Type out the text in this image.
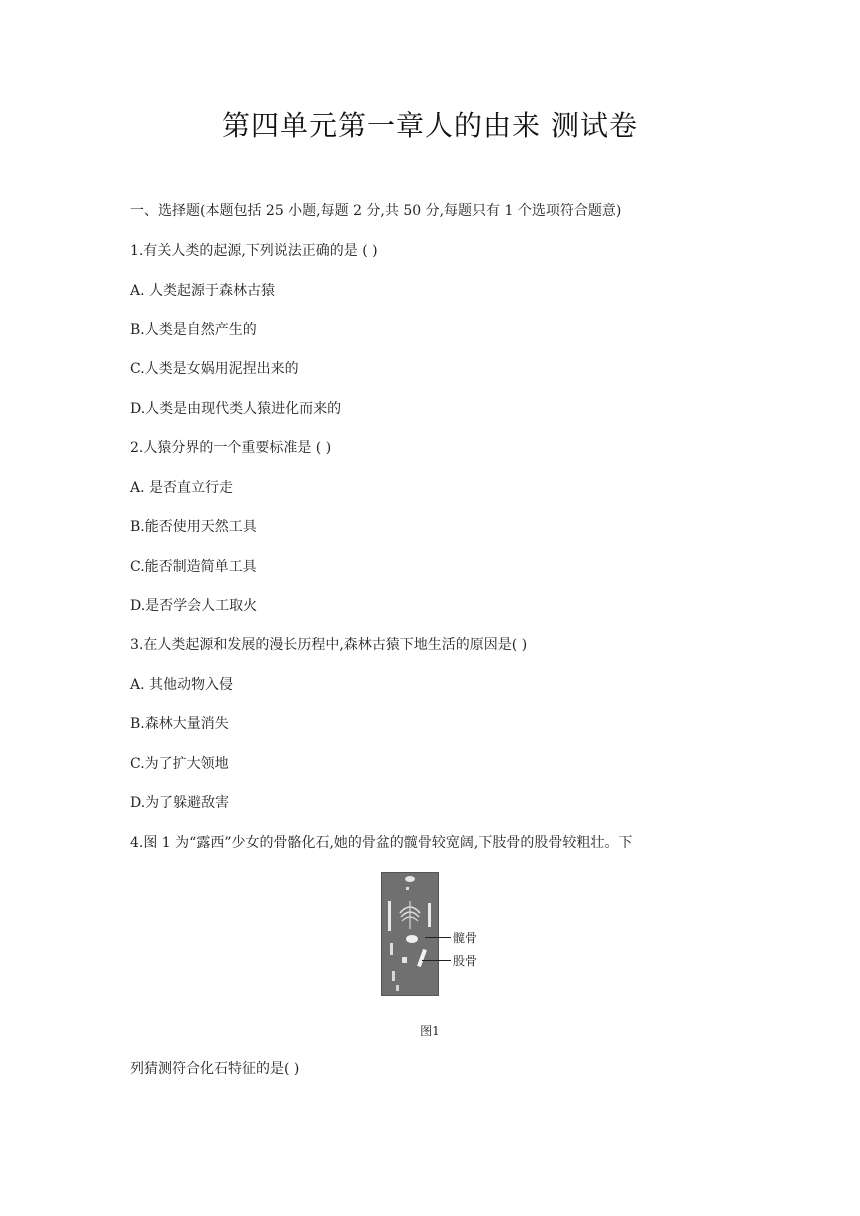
第四单元第一章人的由来 测试卷
一、选择题(本题包括 25 小题,每题 2 分,共 50 分,每题只有 1 个选项符合题意)
1.有关人类的起源,下列说法正确的是 ( )
A. 人类起源于森林古猿
B.人类是自然产生的
C.人类是女娲用泥捏出来的
D.人类是由现代类人猿进化而来的
2.人猿分界的一个重要标准是 ( )
A. 是否直立行走
B.能否使用天然工具
C.能否制造简单工具
D.是否学会人工取火
3.在人类起源和发展的漫长历程中,森林古猿下地生活的原因是( )
A. 其他动物入侵
B.森林大量消失
C.为了扩大领地
D.为了躲避敌害
4.图 1 为“露西”少女的骨骼化石,她的骨盆的髋骨较宽阔,下肢骨的股骨较粗壮。下
髋骨
股骨
图1
列猜测符合化石特征的是( )
